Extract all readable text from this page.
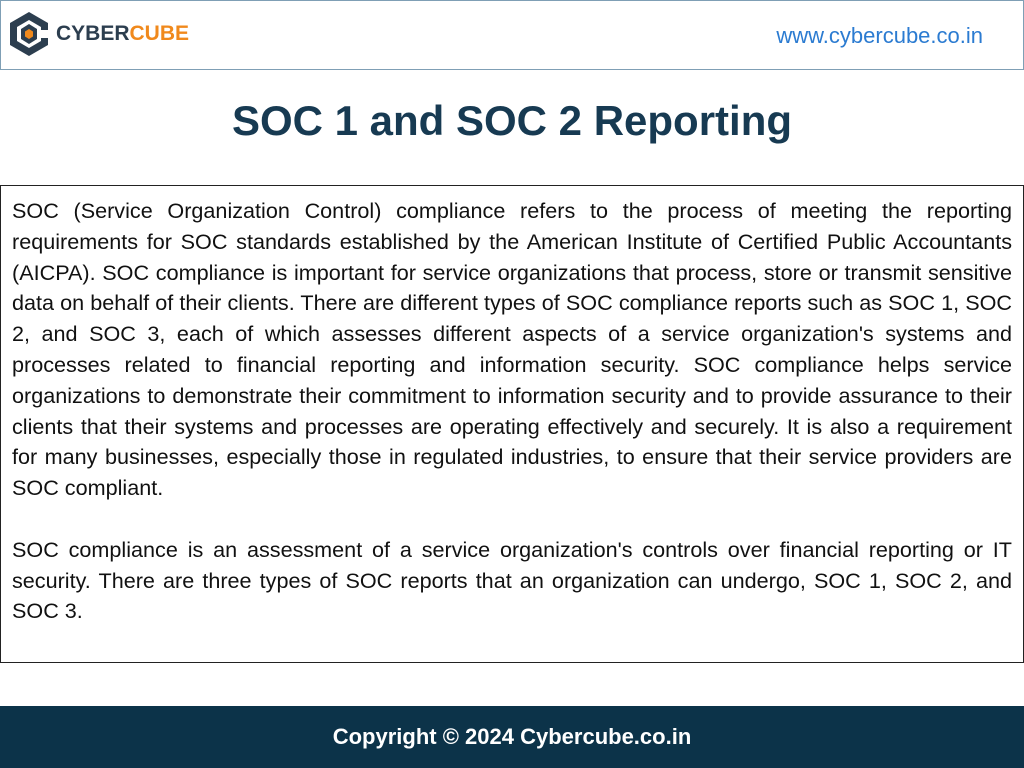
CYBERCUBE	www.cybercube.co.in
SOC 1 and SOC 2 Reporting

SOC (Service Organization Control) compliance refers to the process of meeting the reporting requirements for SOC standards established by the American Institute of Certified Public Accountants (AICPA). SOC compliance is important for service organizations that process, store or transmit sensitive data on behalf of their clients. There are different types of SOC compliance reports such as SOC 1, SOC 2, and SOC 3, each of which assesses different aspects of a service organization's systems and processes related to financial reporting and information security. SOC compliance helps service organizations to demonstrate their commitment to information security and to provide assurance to their clients that their systems and processes are operating effectively and securely. It is also a requirement for many businesses, especially those in regulated industries, to ensure that their service providers are SOC compliant.

SOC compliance is an assessment of a service organization's controls over financial reporting or IT security. There are three types of SOC reports that an organization can undergo, SOC 1, SOC 2, and SOC 3.

Copyright © 2024 Cybercube.co.in
